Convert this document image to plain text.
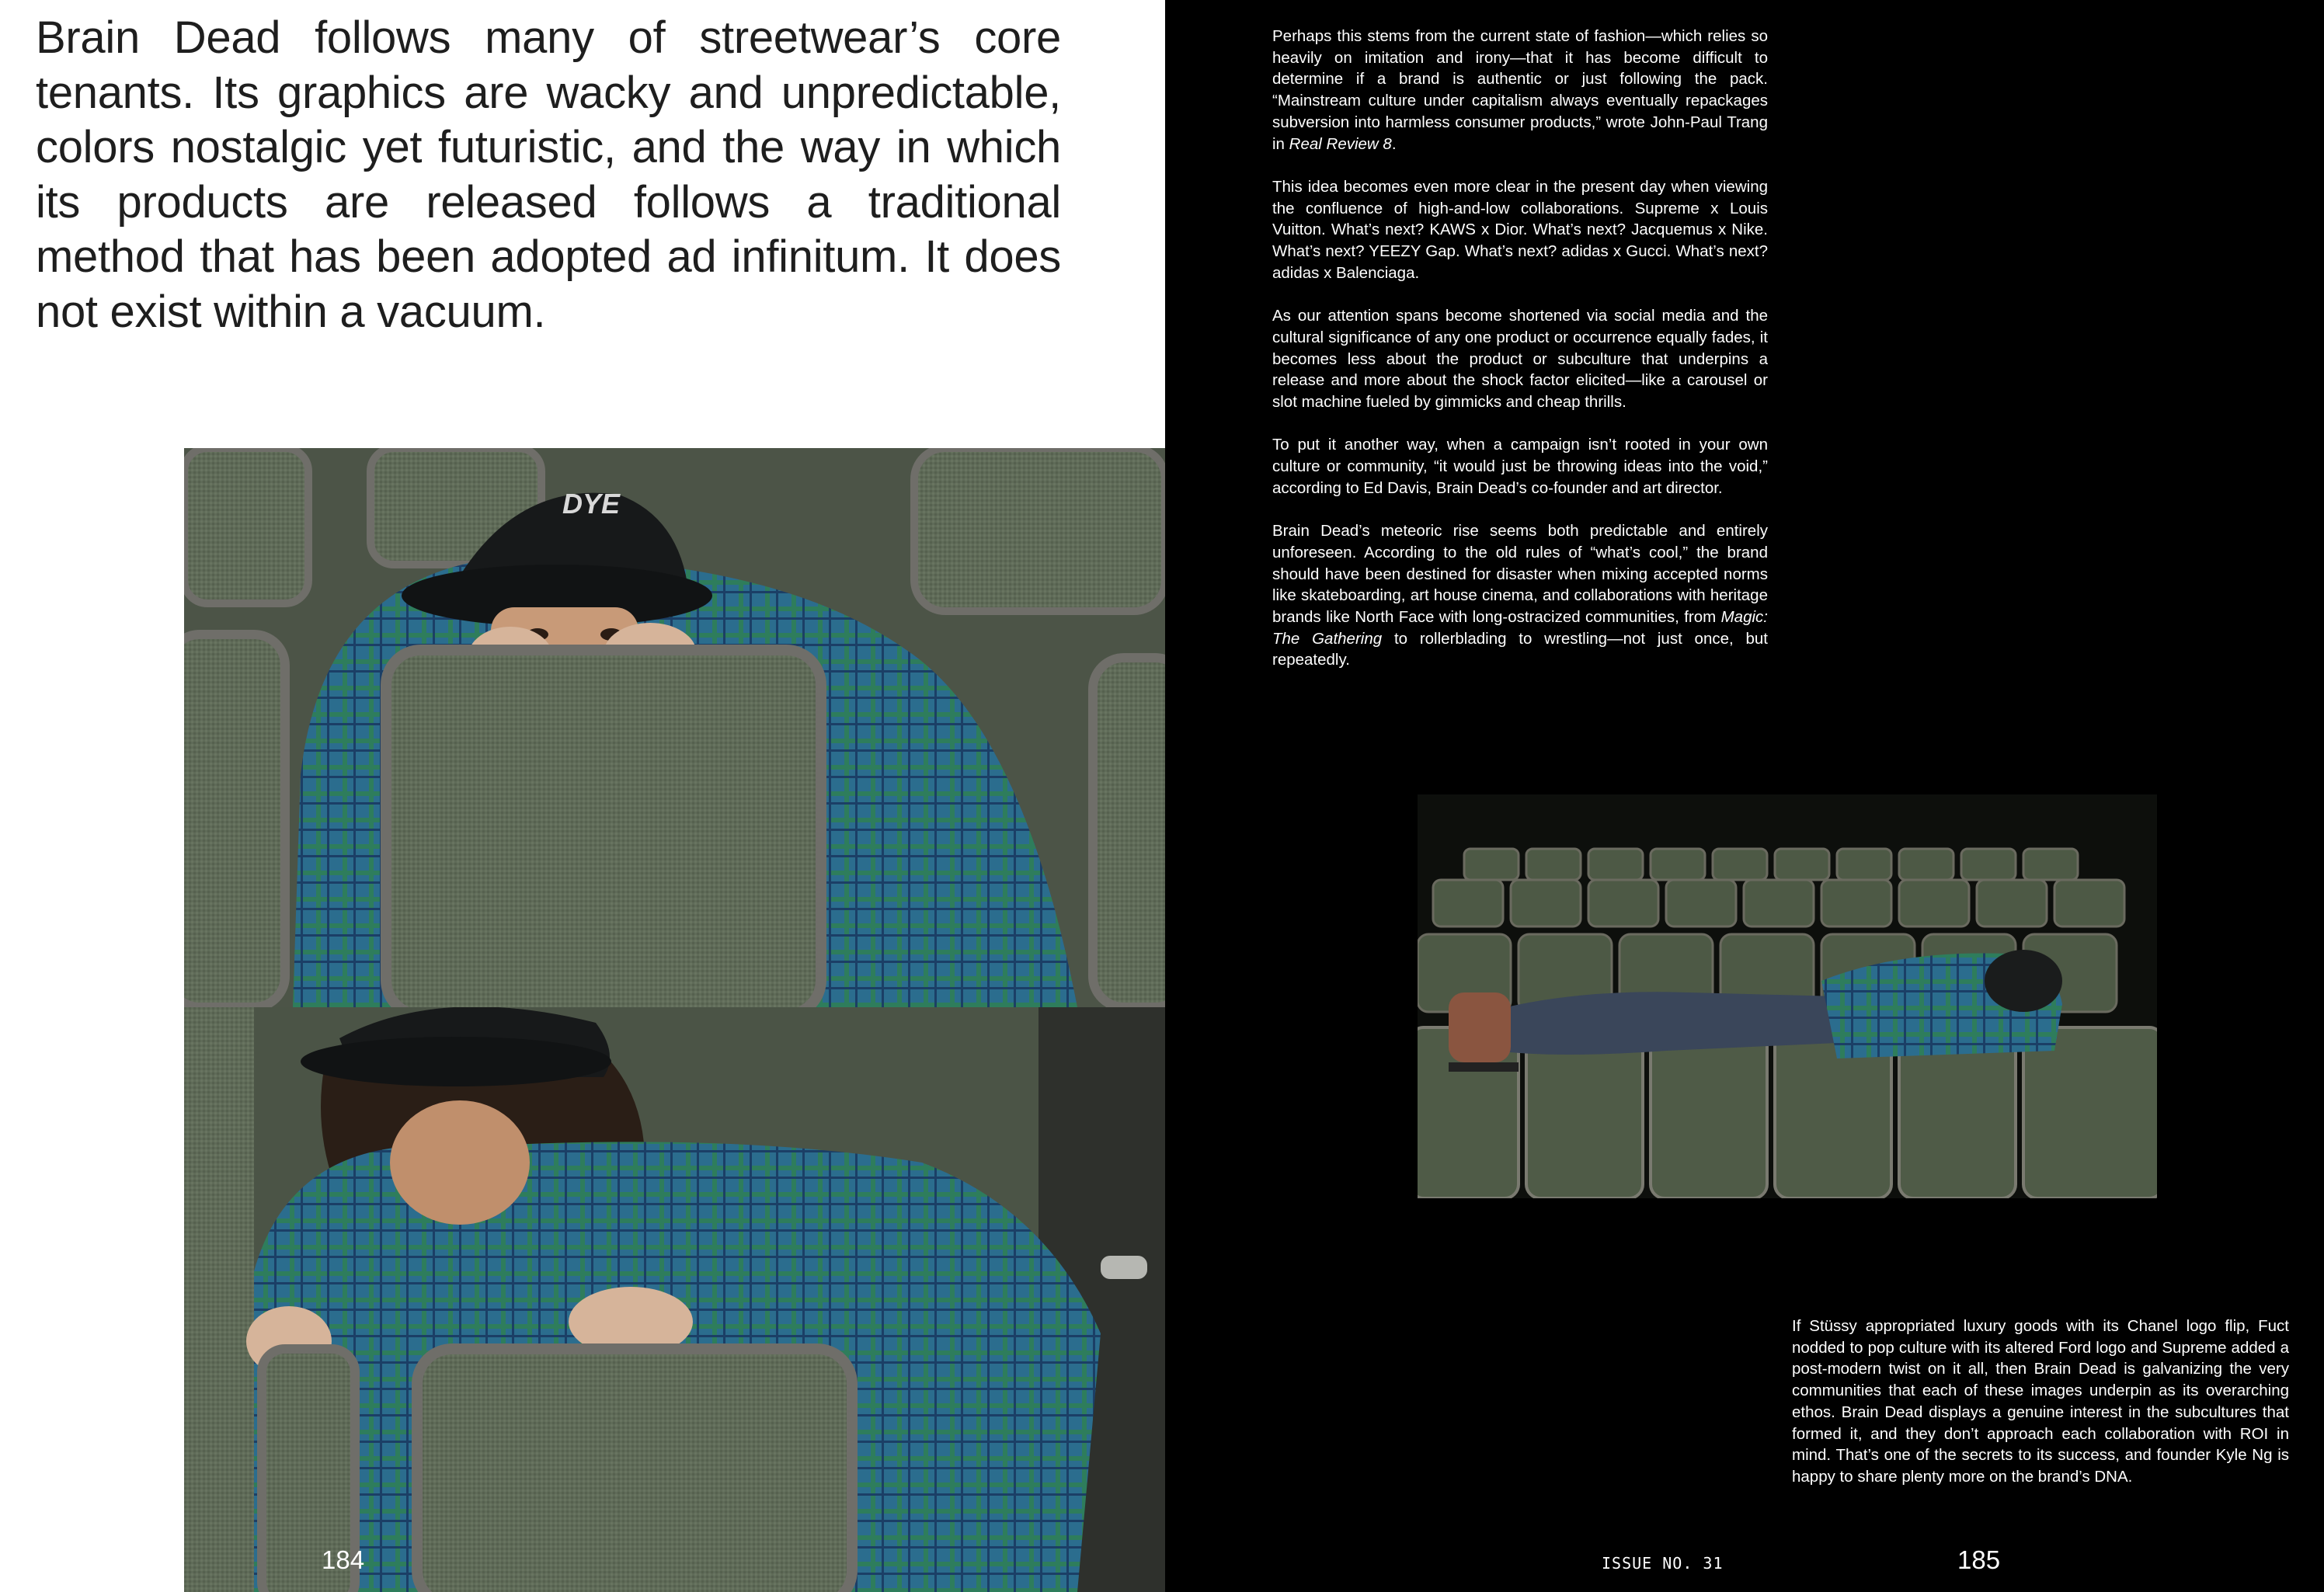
Brain Dead follows many of streetwear’s core tenants. Its graphics are wacky and unpredictable, colors nostalgic yet futuristic, and the way in which its products are released follows a traditional method that has been adopted ad infinitum. It does not exist within a vacuum.

DYE

Perhaps this stems from the current state of fashion—which relies so heavily on imitation and irony—that it has become difficult to determine if a brand is authentic or just following the pack. “Mainstream culture under capitalism always eventually repackages subversion into harmless consumer products,” wrote John-Paul Trang in Real Review 8.

This idea becomes even more clear in the present day when viewing the confluence of high-and-low collaborations. Supreme x Louis Vuitton. What’s next? KAWS x Dior. What’s next? Jacquemus x Nike. What’s next? YEEZY Gap. What’s next? adidas x Gucci. What’s next? adidas x Balenciaga.

As our attention spans become shortened via social media and the cultural significance of any one product or occurrence equally fades, it becomes less about the product or subculture that underpins a release and more about the shock factor elicited—like a carousel or slot machine fueled by gimmicks and cheap thrills.

To put it another way, when a campaign isn’t rooted in your own culture or community, “it would just be throwing ideas into the void,” according to Ed Davis, Brain Dead’s co-founder and art director.

Brain Dead’s meteoric rise seems both predictable and entirely unforeseen. According to the old rules of “what’s cool,” the brand should have been destined for disaster when mixing accepted norms like skateboarding, art house cinema, and collaborations with heritage brands like North Face with long-ostracized communities, from Magic: The Gathering to rollerblading to wrestling—not just once, but repeatedly.

If Stüssy appropriated luxury goods with its Chanel logo flip, Fuct nodded to pop culture with its altered Ford logo and Supreme added a post-modern twist on it all, then Brain Dead is galvanizing the very communities that each of these images underpin as its overarching ethos. Brain Dead displays a genuine interest in the subcultures that formed it, and they don’t approach each collaboration with ROI in mind. That’s one of the secrets to its success, and founder Kyle Ng is happy to share plenty more on the brand’s DNA.

184	ISSUE NO. 31	185
